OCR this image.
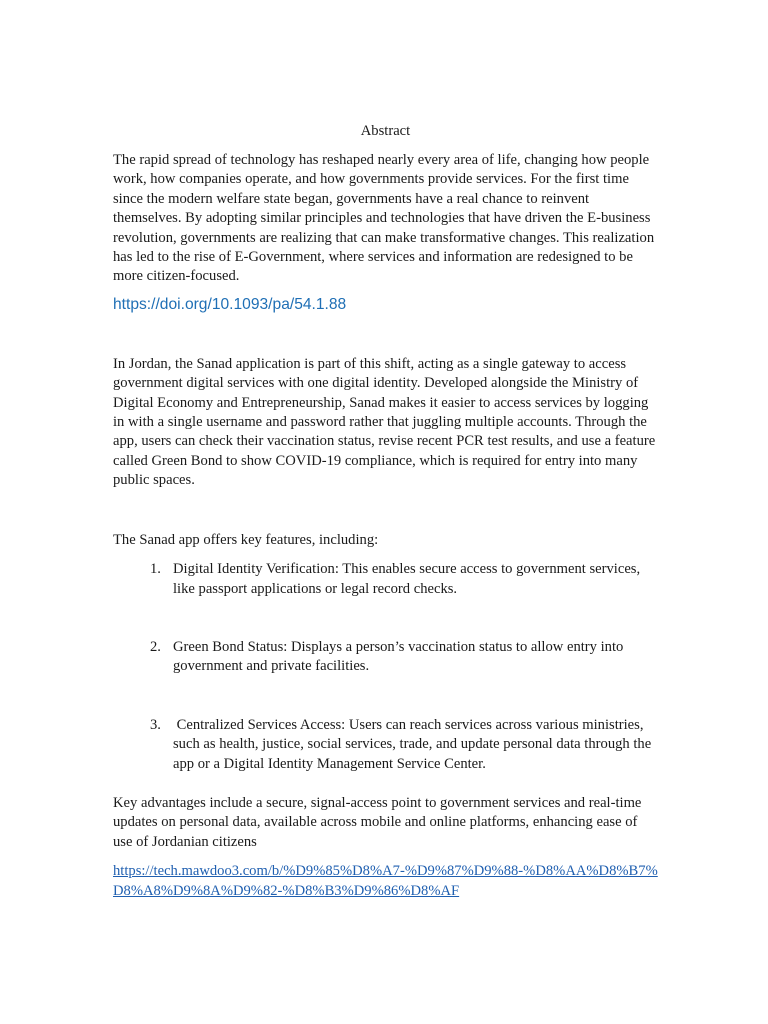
Abstract

The rapid spread of technology has reshaped nearly every area of life, changing how people work, how companies operate, and how governments provide services. For the first time since the modern welfare state began, governments have a real chance to reinvent themselves. By adopting similar principles and technologies that have driven the E-business revolution, governments are realizing that can make transformative changes. This realization has led to the rise of E-Government, where services and information are redesigned to be more citizen-focused.

https://doi.org/10.1093/pa/54.1.88

In Jordan, the Sanad application is part of this shift, acting as a single gateway to access government digital services with one digital identity. Developed alongside the Ministry of Digital Economy and Entrepreneurship, Sanad makes it easier to access services by logging in with a single username and password rather that juggling multiple accounts. Through the app, users can check their vaccination status, revise recent PCR test results, and use a feature called Green Bond to show COVID-19 compliance, which is required for entry into many public spaces.

The Sanad app offers key features, including:

1. Digital Identity Verification: This enables secure access to government services, like passport applications or legal record checks.
2. Green Bond Status: Displays a person’s vaccination status to allow entry into government and private facilities.
3. Centralized Services Access: Users can reach services across various ministries, such as health, justice, social services, trade, and update personal data through the app or a Digital Identity Management Service Center.

Key advantages include a secure, signal-access point to government services and real-time updates on personal data, available across mobile and online platforms, enhancing ease of use of Jordanian citizens

https://tech.mawdoo3.com/b/%D9%85%D8%A7-%D9%87%D9%88-%D8%AA%D8%B7%D8%A8%D9%8A%D9%82-%D8%B3%D9%86%D8%AF
